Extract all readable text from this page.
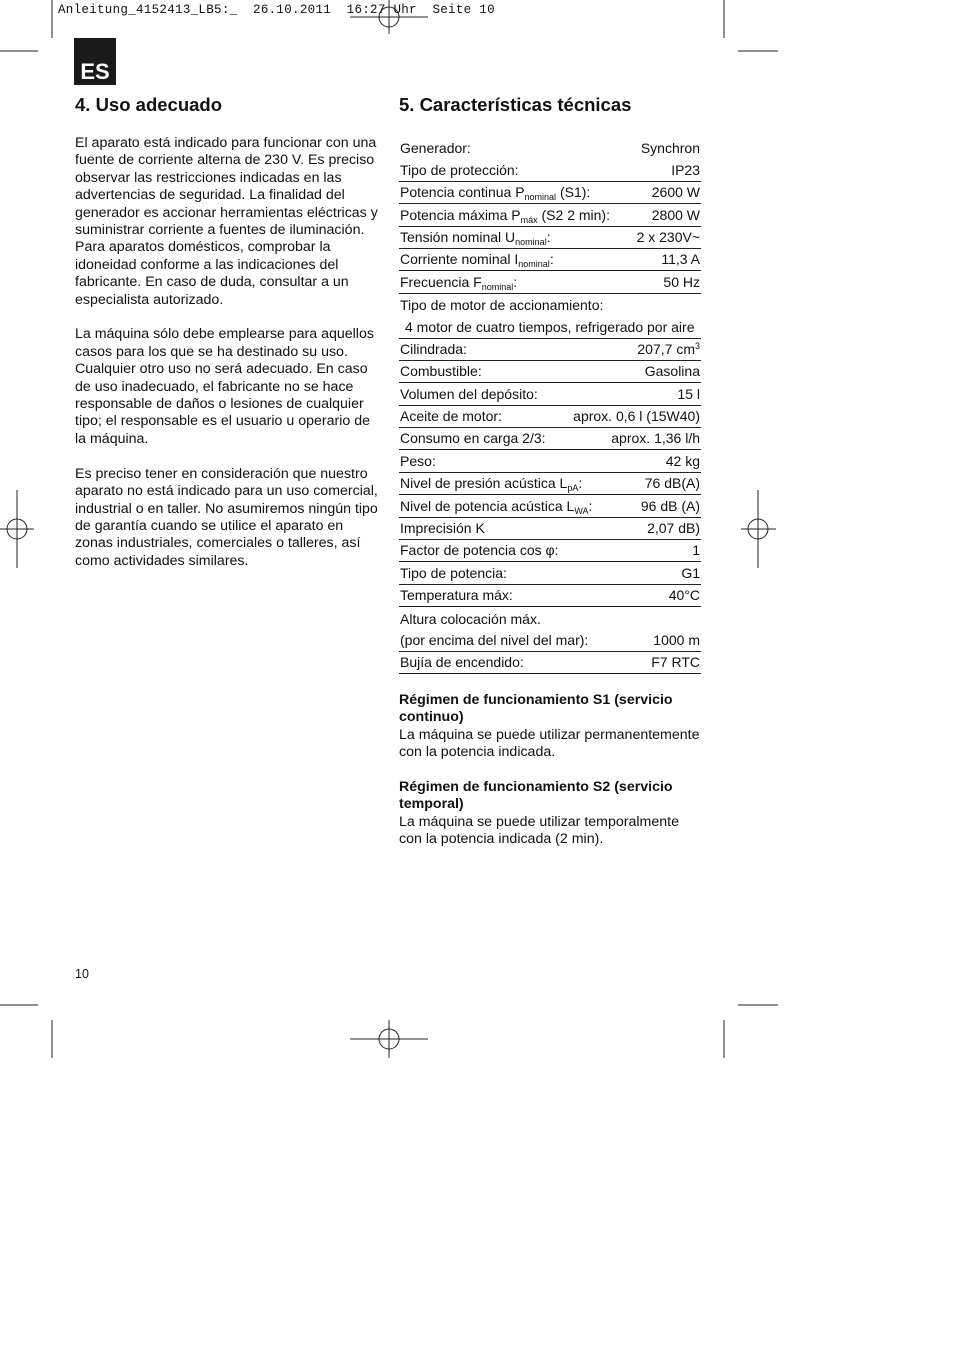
Anleitung_4152413_LB5:_  26.10.2011  16:27 Uhr  Seite 10
ES
4. Uso adecuado	5. Características técnicas

El aparato está indicado para funcionar con una fuente de corriente alterna de 230 V. Es preciso observar las restricciones indicadas en las advertencias de seguridad. La finalidad del generador es accionar herramientas eléctricas y suministrar corriente a fuentes de iluminación. Para aparatos domésticos, comprobar la idoneidad conforme a las indicaciones del fabricante. En caso de duda, consultar a un especialista autorizado.

La máquina sólo debe emplearse para aquellos casos para los que se ha destinado su uso. Cualquier otro uso no será adecuado. En caso de uso inadecuado, el fabricante no se hace responsable de daños o lesiones de cualquier tipo; el responsable es el usuario u operario de la máquina.

Es preciso tener en consideración que nuestro aparato no está indicado para un uso comercial, industrial o en taller. No asumiremos ningún tipo de garantía cuando se utilice el aparato en zonas industriales, comerciales o talleres, así como actividades similares.

Generador:	Synchron
Tipo de protección:	IP23
Potencia continua $P_{nominal}$ (S1):	2600 W
Potencia máxima $P_{máx}$ (S2 2 min):	2800 W
Tensión nominal $U_{nominal}$:	2 x 230V~
Corriente nominal $I_{nominal}$:	11,3 A
Frecuencia $F_{nominal}$:	50 Hz
Tipo de motor de accionamiento:
4 motor de cuatro tiempos, refrigerado por aire
Cilindrada:	207,7 $cm^3$
Combustible:	Gasolina
Volumen del depósito:	15 l
Aceite de motor:	aprox. 0,6 l (15W40)
Consumo en carga 2/3:	aprox. 1,36 l/h
Peso:	42 kg
Nivel de presión acústica $L_{pA}$:	76 dB(A)
Nivel de potencia acústica $L_{WA}$:	96 dB (A)
Imprecisión K	2,07 dB)
Factor de potencia cos φ:	1
Tipo de potencia:	G1
Temperatura máx:	40°C
Altura colocación máx.
(por encima del nivel del mar):	1000 m
Bujía de encendido:	F7 RTC
Régimen de funcionamiento S1 (servicio continuo)
La máquina se puede utilizar permanentemente con la potencia indicada.
Régimen de funcionamiento S2 (servicio temporal)
La máquina se puede utilizar temporalmente con la potencia indicada (2 min).
10
